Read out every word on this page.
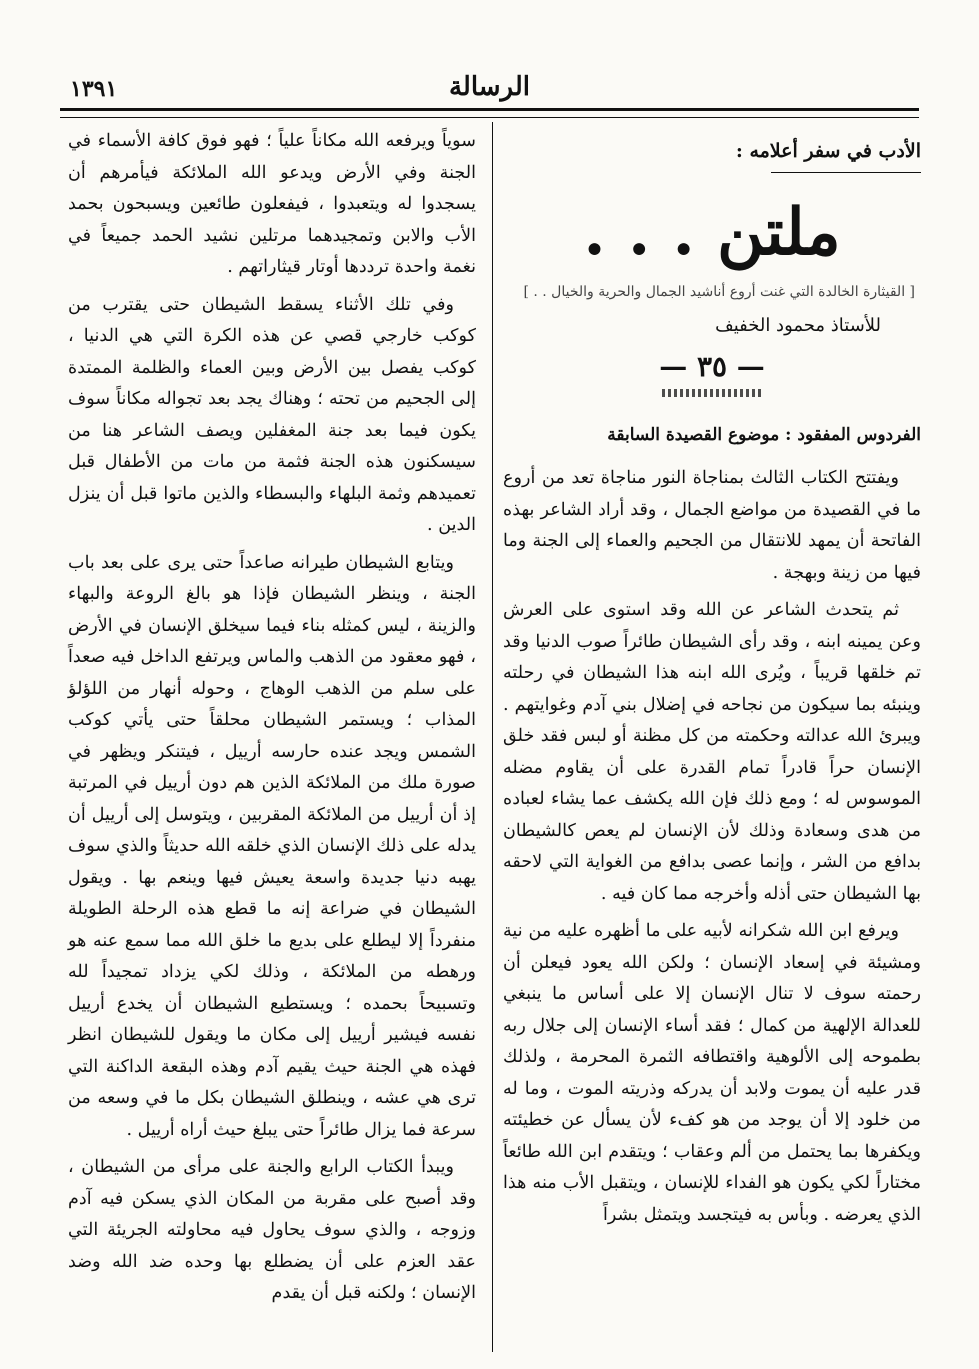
١٣٩١	الرسالة
الأدب في سفر أعلامه :
ملتن . . .
[ القيثارة الخالدة التي غنت أروع أناشيد الجمال والحرية والخيال . . ]
للأستاذ محمود الخفيف
— ٣٥ —
الفردوس المفقود : موضوع القصيدة السابقة

ويفتتح الكتاب الثالث بمناجاة النور مناجاة تعد من أروع ما في القصيدة من مواضع الجمال ، وقد أراد الشاعر بهذه الفاتحة أن يمهد للانتقال من الجحيم والعماء إلى الجنة وما فيها من زينة وبهجة .

ثم يتحدث الشاعر عن الله وقد استوى على العرش وعن يمينه ابنه ، وقد رأى الشيطان طائراً صوب الدنيا وقد تم خلقها قريباً ، ويُرى الله ابنه هذا الشيطان في رحلته وينبئه بما سيكون من نجاحه في إضلال بني آدم وغوايتهم . ويبرئ الله عدالته وحكمته من كل مظنة أو لبس فقد خلق الإنسان حراً قادراً تمام القدرة على أن يقاوم مضله الموسوس له ؛ ومع ذلك فإن الله يكشف عما يشاء لعباده من هدى وسعادة وذلك لأن الإنسان لم يعص كالشيطان بدافع من الشر ، وإنما عصى بدافع من الغواية التي لاحقه بها الشيطان حتى أذله وأخرجه مما كان فيه .

ويرفع ابن الله شكرانه لأبيه على ما أظهره عليه من نية ومشيئة في إسعاد الإنسان ؛ ولكن الله يعود فيعلن أن رحمته سوف لا تنال الإنسان إلا على أساس ما ينبغي للعدالة الإلهية من كمال ؛ فقد أساء الإنسان إلى جلال ربه بطموحه إلى الألوهية واقتطافه الثمرة المحرمة ، ولذلك قدر عليه أن يموت ولابد أن يدركه وذريته الموت ، وما له من خلود إلا أن يوجد من هو كفء لأن يسأل عن خطيئته ويكفرها بما يحتمل من ألم وعقاب ؛ ويتقدم ابن الله طائعاً مختاراً لكي يكون هو الفداء للإنسان ، ويتقبل الأب منه هذا الذي يعرضه . وبأس به فيتجسد ويتمثل بشراً

سوياً ويرفعه الله مكاناً علياً ؛ فهو فوق كافة الأسماء في الجنة وفي الأرض ويدعو الله الملائكة فيأمرهم أن يسجدوا له ويتعبدوا ، فيفعلون طائعين ويسبحون بحمد الأب والابن وتمجيدهما مرتلين نشيد الحمد جميعاً في نغمة واحدة ترددها أوتار قيثاراتهم .

وفي تلك الأثناء يسقط الشيطان حتى يقترب من كوكب خارجي قصي عن هذه الكرة التي هي الدنيا ، كوكب يفصل بين الأرض وبين العماء والظلمة الممتدة إلى الجحيم من تحته ؛ وهناك يجد بعد تجواله مكاناً سوف يكون فيما بعد جنة المغفلين ويصف الشاعر هنا من سيسكنون هذه الجنة فثمة من مات من الأطفال قبل تعميدهم وثمة البلهاء والبسطاء والذين ماتوا قبل أن ينزل الدين .

ويتابع الشيطان طيرانه صاعداً حتى يرى على بعد باب الجنة ، وينظر الشيطان فإذا هو بالغ الروعة والبهاء والزينة ، ليس كمثله بناء فيما سيخلق الإنسان في الأرض ، فهو معقود من الذهب والماس ويرتفع الداخل فيه صعداً على سلم من الذهب الوهاج ، وحوله أنهار من اللؤلؤ المذاب ؛ ويستمر الشيطان محلقاً حتى يأتي كوكب الشمس ويجد عنده حارسه أرييل ، فيتنكر ويظهر في صورة ملك من الملائكة الذين هم دون أرييل في المرتبة إذ أن أرييل من الملائكة المقربين ، ويتوسل إلى أرييل أن يدله على ذلك الإنسان الذي خلقه الله حديثاً والذي سوف يهبه دنيا جديدة واسعة يعيش فيها وينعم بها . ويقول الشيطان في ضراعة إنه ما قطع هذه الرحلة الطويلة منفرداً إلا ليطلع على بديع ما خلق الله مما سمع عنه هو ورهطه من الملائكة ، وذلك لكي يزداد تمجيداً لله وتسبيحاً بحمده ؛ ويستطيع الشيطان أن يخدع أرييل نفسه فيشير أرييل إلى مكان ما ويقول للشيطان انظر فهذه هي الجنة حيث يقيم آدم وهذه البقعة الداكنة التي ترى هي عشه ، وينطلق الشيطان بكل ما في وسعه من سرعة فما يزال طائراً حتى يبلغ حيث أراه أرييل .

ويبدأ الكتاب الرابع والجنة على مرأى من الشيطان ، وقد أصبح على مقربة من المكان الذي يسكن فيه آدم وزوجه ، والذي سوف يحاول فيه محاولته الجريئة التي عقد العزم على أن يضطلع بها وحده ضد الله وضد الإنسان ؛ ولكنه قبل أن يقدم
